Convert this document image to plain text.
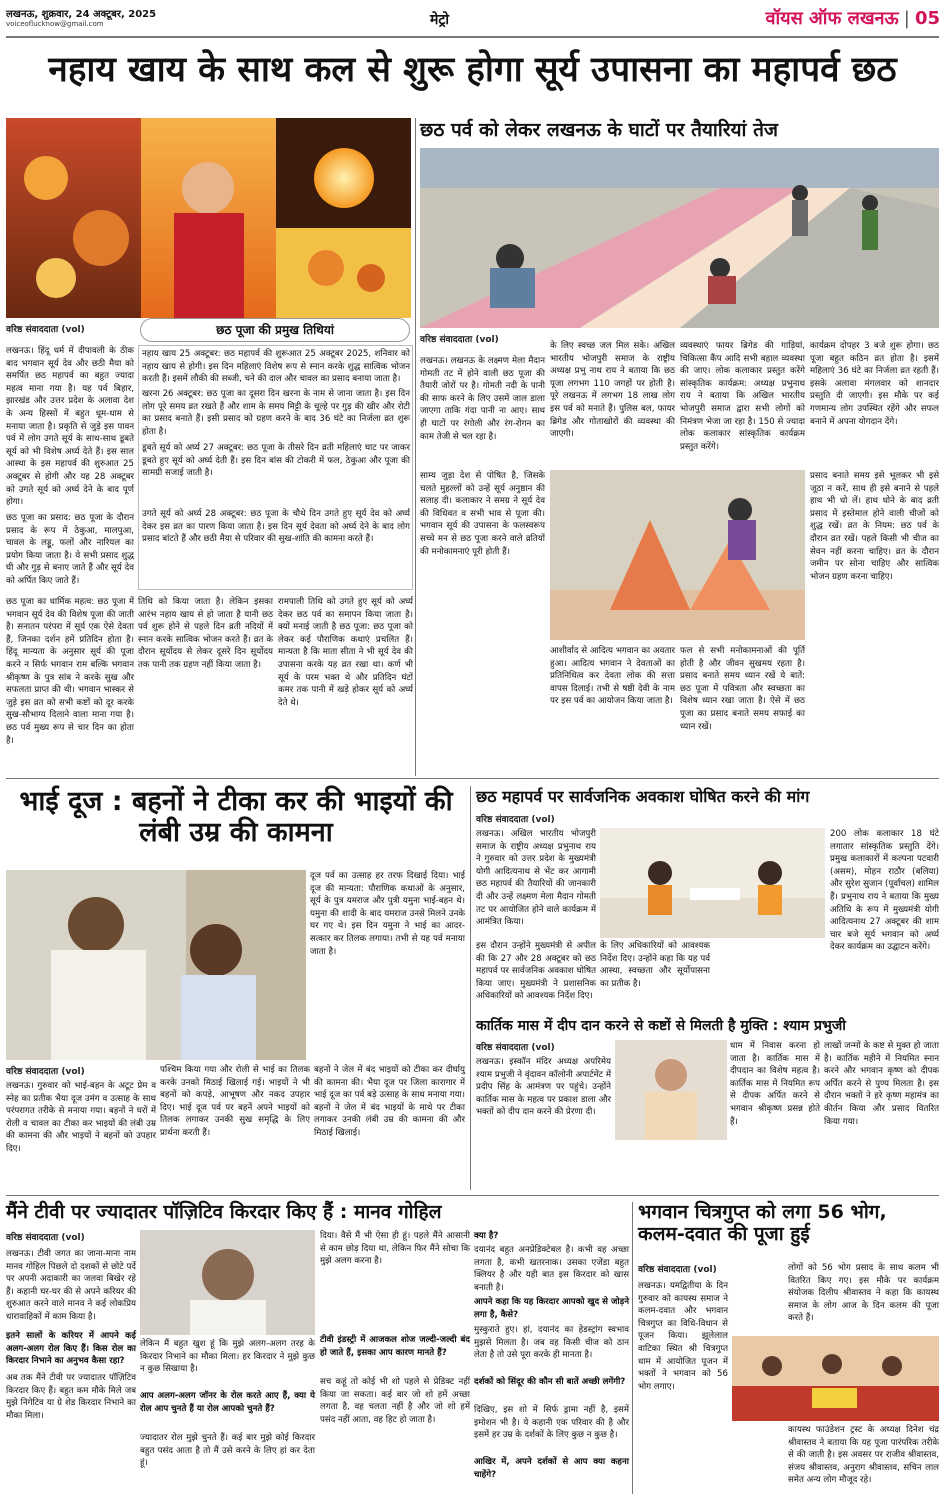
लखनऊ, शुक्रवार, 24 अक्टूबर, 2025
voiceoflucknow@gmail.com	मेट्रो	वॉयस ऑफ लखनऊ | 05
नहाय खाय के साथ कल से शुरू होगा सूर्य उपासना का महापर्व छठ
वरिष्ठ संवाददाता (vol)	छठ पूजा की प्रमुख तिथियां
लखनऊ। हिंदू धर्म में दीपावली के ठीक बाद भगवान सूर्य देव और छठी मैया को समर्पित छठ महापर्व का बहुत ज्यादा महत्व माना गया है। यह पर्व बिहार, झारखंड और उत्तर प्रदेश के अलावा देश के अन्य हिस्सों में बहुत धूम-धाम से मनाया जाता है। प्रकृति से जुड़े इस पावन पर्व में लोग उगते सूर्य के साथ-साथ डूबते सूर्य को भी विशेष अर्घ्य देते हैं। इस साल आस्था के इस महापर्व की शुरुआत 25 अक्टूबर से होगी और यह 28 अक्टूबर को उगते सूर्य को अर्घ्य देने के बाद पूर्ण होगा।
छठ पूजा का प्रसाद: छठ पूजा के दौरान प्रसाद के रूप में ठेकुआ, मालपुआ, चावल के लड्डू, फलों और नारियल का प्रयोग किया जाता है। ये सभी प्रसाद शुद्ध घी और गुड़ से बनाए जाते हैं और सूर्य देव को अर्पित किए जाते हैं।
छठ पूजा का धार्मिक महत्व: छठ पूजा में भगवान सूर्य देव की विशेष पूजा की जाती है। सनातन परंपरा में सूर्य एक ऐसे देवता हैं, जिनका दर्शन हमें प्रतिदिन होता है। हिंदू मान्यता के अनुसार सूर्य की पूजा करने न सिर्फ भगवान राम बल्कि भगवान श्रीकृष्ण के पुत्र सांब ने करके सुख और सफलता प्राप्त की थी। भगवान भास्कर से जुड़े इस व्रत को सभी कष्टों को दूर करके सुख-सौभाग्य दिलाने वाला माना गया है। छठ पर्व मुख्य रूप से चार दिन का होता है।
नहाय खाय 25 अक्टूबर: छठ महापर्व की शुरूआत 25 अक्टूबर 2025, शनिवार को नहाय खाय से होगी। इस दिन महिलाएं विशेष रूप से स्नान करके शुद्ध सात्विक भोजन करती हैं। इसमें लौकी की सब्जी, चने की दाल और चावल का प्रसाद बनाया जाता है।
खरना 26 अक्टूबर: छठ पूजा का दूसरा दिन खरना के नाम से जाना जाता है। इस दिन लोग पूरे समय व्रत रखते हैं और शाम के समय मिट्टी के चूल्हे पर गुड़ की खीर और रोटी का प्रसाद बनाते हैं। इसी प्रसाद को ग्रहण करने के बाद 36 घंटे का निर्जला व्रत शुरू होता है।
डूबते सूर्य को अर्घ्य 27 अक्टूबर: छठ पूजा के तीसरे दिन व्रती महिलाएं घाट पर जाकर डूबते हुए सूर्य को अर्घ्य देती हैं। इस दिन बांस की टोकरी में फल, ठेकुआ और पूजा की सामग्री सजाई जाती है।
उगते सूर्य को अर्घ्य 28 अक्टूबर: छठ पूजा के चौथे दिन उगते हुए सूर्य देव को अर्घ्य देकर इस व्रत का पारण किया जाता है। इस दिन सूर्य देवता को अर्घ्य देने के बाद लोग प्रसाद बांटते हैं और छठी मैया से परिवार की सुख-शांति की कामना करते हैं।
तिथि को किया जाता है। लेकिन इसका आरंभ नहाय खाय से हो जाता है यानी छठ पर्व शुरू होने से पहले दिन व्रती नदियों में स्नान करके सात्विक भोजन करते हैं। व्रत के दौरान सूर्योदय से लेकर दूसरे दिन सूर्योदय तक पानी तक ग्रहण नहीं किया जाता है।
रामपाली तिथि को उगते हुए सूर्य को अर्घ्य देकर छठ पर्व का समापन किया जाता है। क्यों मनाई जाती है छठ पूजा: छठ पूजा को लेकर कई पौराणिक कथाएं प्रचलित हैं। मान्यता है कि माता सीता ने भी सूर्य देव की उपासना करके यह व्रत रखा था। कर्ण भी सूर्य के परम भक्त थे और प्रतिदिन घंटों कमर तक पानी में खड़े होकर सूर्य को अर्घ्य देते थे।
छठ पर्व को लेकर लखनऊ के घाटों पर तैयारियां तेज
वरिष्ठ संवाददाता (vol)
लखनऊ। लखनऊ के लक्ष्मण मेला मैदान गोमती तट में होने वाली छठ पूजा की तैयारी जोरों पर है। गोमती नदी के पानी की साफ करने के लिए उसमें जाल डाला जाएगा ताकि गंदा पानी ना आए। साथ ही घाटों पर रंगोली और रंग-रोगन का काम तेजी से चल रहा है।
के लिए स्वच्छ जल मिल सके। अखिल भारतीय भोजपुरी समाज के राष्ट्रीय अध्यक्ष प्रभु नाथ राय ने बताया कि छठ पूजा लगभग 110 जगहों पर होती है। पूरे लखनऊ में लगभग 18 लाख लोग इस पर्व को मनाते हैं। पुलिस बल, फायर ब्रिगेड और गोताखोरों की व्यवस्था की जाएगी।
व्यवस्थाएं फायर ब्रिगेड की गाड़ियां, चिकित्सा कैंप आदि सभी बहाल व्यवस्था की जाए। लोक कलाकार प्रस्तुत करेंगे सांस्कृतिक कार्यक्रम: अध्यक्ष प्रभुनाथ राय ने बताया कि अखिल भारतीय भोजपुरी समाज द्वारा सभी लोगों को निमंत्रण भेजा जा रहा है। 150 से ज्यादा लोक कलाकार सांस्कृतिक कार्यक्रम प्रस्तुत करेंगे।
कार्यक्रम दोपहर 3 बजे शुरू होगा। छठ पूजा बहुत कठिन व्रत होता है। इसमें महिलाएं 36 घंटे का निर्जला व्रत रहती हैं। इसके अलावा मंगलवार को शानदार प्रस्तुति दी जाएगी। इस मौके पर कई गणमान्य लोग उपस्थित रहेंगे और सफल बनाने में अपना योगदान देंगे।
साम्य जुड़ा देश से पोषित है, जिसके चलते मुहल्लों को उन्हें सूर्य अनुष्ठान की सलाह दी। कलाकार ने समग्र ने सूर्य देव की विधिवत व सभी भाव से पूजा की। भगवान सूर्य की उपासना के फलस्वरूप सच्चे मन से छठ पूजा करने वाले व्रतियों की मनोकामनाएं पूरी होती हैं।
आशीर्वाद से आदित्य भगवान का अवतार हुआ। आदित्य भगवान ने देवताओं का प्रतिनिधित्व कर देवता लोक की सत्ता वापस दिलाई। तभी से षष्ठी देवी के नाम पर इस पर्व का आयोजन किया जाता है।
फल से सभी मनोकामनाओं की पूर्ति होती है और जीवन सुखमय रहता है। प्रसाद बनाते समय ध्यान रखें ये बातें: छठ पूजा में पवित्रता और स्वच्छता का विशेष ध्यान रखा जाता है। ऐसे में छठ पूजा का प्रसाद बनाते समय सफाई का ध्यान रखें।
प्रसाद बनाते समय इसे भूलकर भी इसे जूठा न करें, साथ ही इसे बनाने से पहले हाथ भी धो लें। हाथ धोने के बाद व्रती प्रसाद में इस्तेमाल होने वाली चीजों को शुद्ध रखें। व्रत के नियम: छठ पर्व के दौरान व्रत रखें। पहले किसी भी चीज का सेवन नहीं करना चाहिए। व्रत के दौरान जमीन पर सोना चाहिए और सात्विक भोजन ग्रहण करना चाहिए।
भाई दूज : बहनों ने टीका कर की भाइयों की लंबी उम्र की कामना
वरिष्ठ संवाददाता (vol)
दूज पर्व का उत्साह हर तरफ दिखाई दिया। भाई दूज की मान्यता: पौराणिक कथाओं के अनुसार, सूर्य के पुत्र यमराज और पुत्री यमुना भाई-बहन थे। यमुना की शादी के बाद यमराज उनसे मिलने उनके घर गए थे। इस दिन यमुना ने भाई का आदर-सत्कार कर तिलक लगाया। तभी से यह पर्व मनाया जाता है।
लखनऊ। गुरुवार को भाई-बहन के अटूट प्रेम व स्नेह का प्रतीक भैया दूज उमंग व उत्साह के साथ परंपरागत तरीके से मनाया गया। बहनों ने घरों में रोली व चावल का टीका कर भाइयों की लंबी उम्र की कामना की और भाइयों ने बहनों को उपहार दिए।
पश्चिम किया गया और रोली से भाई का तिलक करके उनको मिठाई खिलाई गई। भाइयों ने भी बहनों को कपड़े, आभूषण और नकद उपहार दिए। भाई दूज पर्व पर बहनें अपने भाइयों को तिलक लगाकर उनकी सुख समृद्धि के लिए प्रार्थना करती हैं।
बहनों ने जेल में बंद भाइयों को टीका कर दीर्घायु की कामना की। भैया दूज पर जिला कारागार में भाई दूज का पर्व बड़े उत्साह के साथ मनाया गया। बहनों ने जेल में बंद भाइयों के माथे पर टीका लगाकर उनकी लंबी उम्र की कामना की और मिठाई खिलाई।
छठ महापर्व पर सार्वजनिक अवकाश घोषित करने की मांग
वरिष्ठ संवाददाता (vol)
लखनऊ। अखिल भारतीय भोजपुरी समाज के राष्ट्रीय अध्यक्ष प्रभुनाथ राय ने गुरुवार को उत्तर प्रदेश के मुख्यमंत्री योगी आदित्यनाथ से भेंट कर आगामी छठ महापर्व की तैयारियों की जानकारी दी और उन्हें लक्ष्मण मेला मैदान गोमती तट पर आयोजित होने वाले कार्यक्रम में आमंत्रित किया।
200 लोक कलाकार 18 घंटे लगातार सांस्कृतिक प्रस्तुति देंगे। प्रमुख कलाकारों में कल्पना पटवारी (असम), मोहन राठौर (बलिया) और सुरेश सुजान (पूर्वांचल) शामिल हैं। प्रभुनाथ राय ने बताया कि मुख्य अतिथि के रूप में मुख्यमंत्री योगी आदित्यनाथ 27 अक्टूबर की शाम चार बजे सूर्य भगवान को अर्घ्य देकर कार्यक्रम का उद्घाटन करेंगे।
इस दौरान उन्होंने मुख्यमंत्री से अपील की कि 27 और 28 अक्टूबर को छठ महापर्व पर सार्वजनिक अवकाश घोषित किया जाए। मुख्यमंत्री ने प्रशासनिक अधिकारियों को आवश्यक निर्देश दिए।
के लिए अधिकारियों को आवश्यक निर्देश दिए। उन्होंने कहा कि यह पर्व आस्था, स्वच्छता और सूर्योपासना का प्रतीक है।
कार्तिक मास में दीप दान करने से कष्टों से मिलती है मुक्ति : श्याम प्रभुजी
वरिष्ठ संवाददाता (vol)
लखनऊ। इस्कॉन मंदिर अध्यक्ष अपरिमेय श्याम प्रभुजी ने वृंदावन कॉलोनी अपार्टमेंट में प्रदीप सिंह के आमंत्रण पर पहुंचे। उन्होंने कार्तिक मास के महत्व पर प्रकाश डाला और भक्तों को दीप दान करने की प्रेरणा दी।
धाम में निवास करना हो जाता है। कार्तिक मास में दीपदान का विशेष महत्व है। कार्तिक मास में नियमित रूप से दीपक अर्पित करने से भगवान श्रीकृष्ण प्रसन्न होते हैं।
लाखों जन्मों के कष्ट से मुक्त हो जाता है। कार्तिक महीने में नियमित स्नान करने और भगवान कृष्ण को दीपक अर्पित करने से पुण्य मिलता है। इस दौरान भक्तों ने हरे कृष्ण महामंत्र का कीर्तन किया और प्रसाद वितरित किया गया।
मैंने टीवी पर ज्यादातर पॉज़िटिव किरदार किए हैं : मानव गोहिल
वरिष्ठ संवाददाता (vol)
लखनऊ। टीवी जगत का जाना-माना नाम मानव गोहिल पिछले दो दशकों से छोटे पर्दे पर अपनी अदाकारी का जलवा बिखेर रहे हैं। कहानी घर-घर की से अपने करियर की शुरुआत करने वाले मानव ने कई लोकप्रिय धारावाहिकों में काम किया है।
दिया। वैसे मैं भी ऐसा ही हूं। पहले मैंने आसानी से काम छोड़ दिया था, लेकिन फिर मैंने सोचा कि मुझे अलग करना है।
इतने सालों के करियर में आपने कई अलग-अलग रोल किए हैं। किस रोल का किरदार निभाने का अनुभव कैसा रहा?
अब तक मैंने टीवी पर ज्यादातर पॉज़िटिव किरदार किए हैं। बहुत कम मौके मिले जब मुझे निगेटिव या ग्रे शेड किरदार निभाने का मौका मिला।
लेकिन मैं बहुत खुश हूं कि मुझे अलग-अलग तरह के किरदार निभाने का मौका मिला। हर किरदार ने मुझे कुछ न कुछ सिखाया है।
आप अलग-अलग जॉनर के रोल करते आए हैं, क्या ये रोल आप चुनते हैं या रोल आपको चुनते हैं?
ज्यादातर रोल मुझे चुनते हैं। कई बार मुझे कोई किरदार बहुत पसंद आता है तो मैं उसे करने के लिए हां कर देता हूं।
टीवी इंडस्ट्री में आजकल शोज जल्दी-जल्दी बंद हो जाते हैं, इसका आप कारण मानते हैं?
सच कहूं तो कोई भी शो पहले से प्रेडिक्ट नहीं किया जा सकता। कई बार जो शो हमें अच्छा लगता है, वह चलता नहीं है और जो शो हमें पसंद नहीं आता, वह हिट हो जाता है।
क्या है?
दयानंद बहुत अनप्रेडिक्टेबल है। कभी वह अच्छा लगता है, कभी खतरनाक। उसका एजेंडा बहुत क्लियर है और यही बात इस किरदार को खास बनाती है।
आपने कहा कि यह किरदार आपको खुद से जोड़ने लगा है, कैसे?
मुस्कुराते हुए। हां, दयानंद का हेडस्ट्रांग स्वभाव मुझसे मिलता है। जब वह किसी चीज को ठान लेता है तो उसे पूरा करके ही मानता है।
दर्शकों को सिंदूर की कौन सी बातें अच्छी लगेंगी?
दिखिए, इस शो में सिर्फ ड्रामा नहीं है, इसमें इमोशन भी है। ये कहानी एक परिवार की है और इसमें हर उम्र के दर्शकों के लिए कुछ न कुछ है।
आखिर में, अपने दर्शकों से आप क्या कहना चाहेंगे?
भगवान चित्रगुप्त को लगा 56 भोग, कलम-दवात की पूजा हुई
वरिष्ठ संवाददाता (vol)	लोगों को 56 भोग प्रसाद के साथ कलम भी वितरित किए गए। इस मौके पर कार्यक्रम संयोजक दिलीप श्रीवास्तव ने कहा कि कायस्थ समाज के लोग आज के दिन कलम की पूजा करते हैं।
लखनऊ। यमद्वितीया के दिन गुरुवार को कायस्थ समाज ने कलम-दवात और भगवान चित्रगुप्त का विधि-विधान से पूजन किया। झूलेलाल वाटिका स्थित श्री चित्रगुप्त धाम में आयोजित पूजन में भक्तों ने भगवान को 56 भोग लगाए।
कायस्थ फाउंडेशन ट्रस्ट के अध्यक्ष दिनेश चंद्र श्रीवास्तव ने बताया कि यह पूजा पारंपरिक तरीके से की जाती है। इस अवसर पर राजीव श्रीवास्तव, संजय श्रीवास्तव, अनुराग श्रीवास्तव, सचिन लाल समेत अन्य लोग मौजूद रहे।
